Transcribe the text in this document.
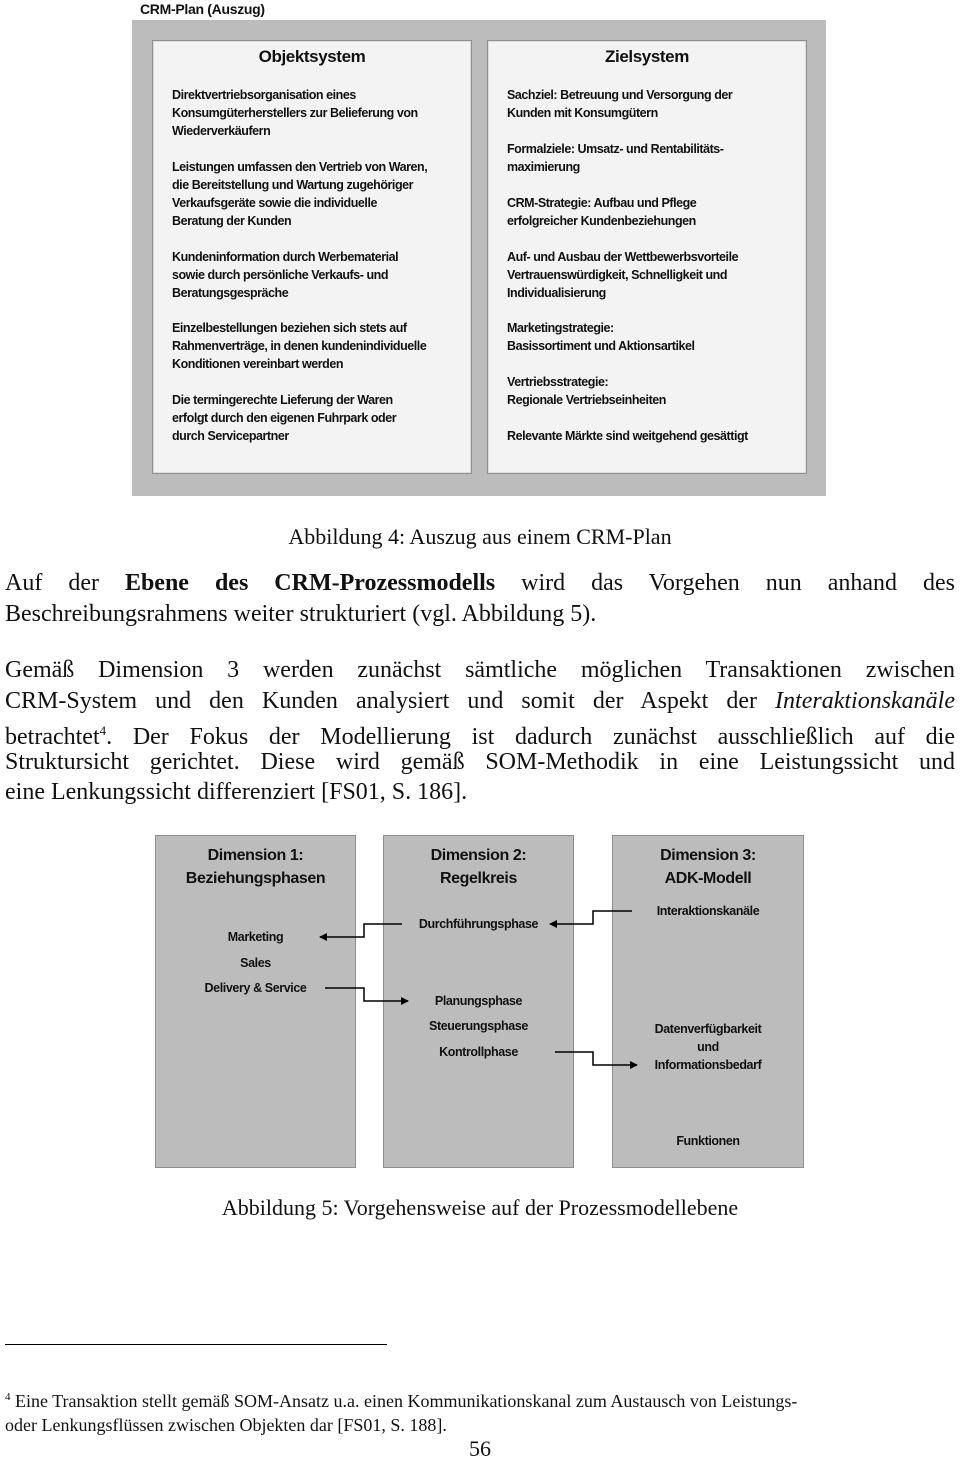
CRM-Plan (Auszug)
Objektsystem
Direktvertriebsorganisation eines
Konsumgüterherstellers zur Belieferung von
Wiederverkäufern
Leistungen umfassen den Vertrieb von Waren,
die Bereitstellung und Wartung zugehöriger
Verkaufsgeräte sowie die individuelle
Beratung der Kunden
Kundeninformation durch Werbematerial
sowie durch persönliche Verkaufs- und
Beratungsgespräche
Einzelbestellungen beziehen sich stets auf
Rahmenverträge, in denen kundenindividuelle
Konditionen vereinbart werden
Die termingerechte Lieferung der Waren
erfolgt durch den eigenen Fuhrpark oder
durch Servicepartner
Zielsystem
Sachziel: Betreuung und Versorgung der
Kunden mit Konsumgütern
Formalziele: Umsatz- und Rentabilitäts-
maximierung
CRM-Strategie: Aufbau und Pflege
erfolgreicher Kundenbeziehungen
Auf- und Ausbau der Wettbewerbsvorteile
Vertrauenswürdigkeit, Schnelligkeit und
Individualisierung
Marketingstrategie:
Basissortiment und Aktionsartikel
Vertriebsstrategie:
Regionale Vertriebseinheiten
Relevante Märkte sind weitgehend gesättigt
Abbildung 4: Auszug aus einem CRM-Plan
Auf der Ebene des CRM-Prozessmodells wird das Vorgehen nun anhand des
Beschreibungsrahmens weiter strukturiert (vgl. Abbildung 5).
Gemäß Dimension 3 werden zunächst sämtliche möglichen Transaktionen zwischen
CRM-System und den Kunden analysiert und somit der Aspekt der Interaktionskanäle
betrachtet$^4$. Der Fokus der Modellierung ist dadurch zunächst ausschließlich auf die
Struktursicht gerichtet. Diese wird gemäß SOM-Methodik in eine Leistungssicht und
eine Lenkungssicht differenziert [FS01, S. 186].
Dimension 1:
Beziehungsphasen
Marketing
Sales
Delivery & Service
Dimension 2:
Regelkreis
Durchführungsphase
Planungsphase
Steuerungsphase
Kontrollphase
Dimension 3:
ADK-Modell
Interaktionskanäle
Datenverfügbarkeit
und
Informationsbedarf
Funktionen
Abbildung 5: Vorgehensweise auf der Prozessmodellebene
$^4$ Eine Transaktion stellt gemäß SOM-Ansatz u.a. einen Kommunikationskanal zum Austausch von Leistungs-
oder Lenkungsflüssen zwischen Objekten dar [FS01, S. 188].
56
